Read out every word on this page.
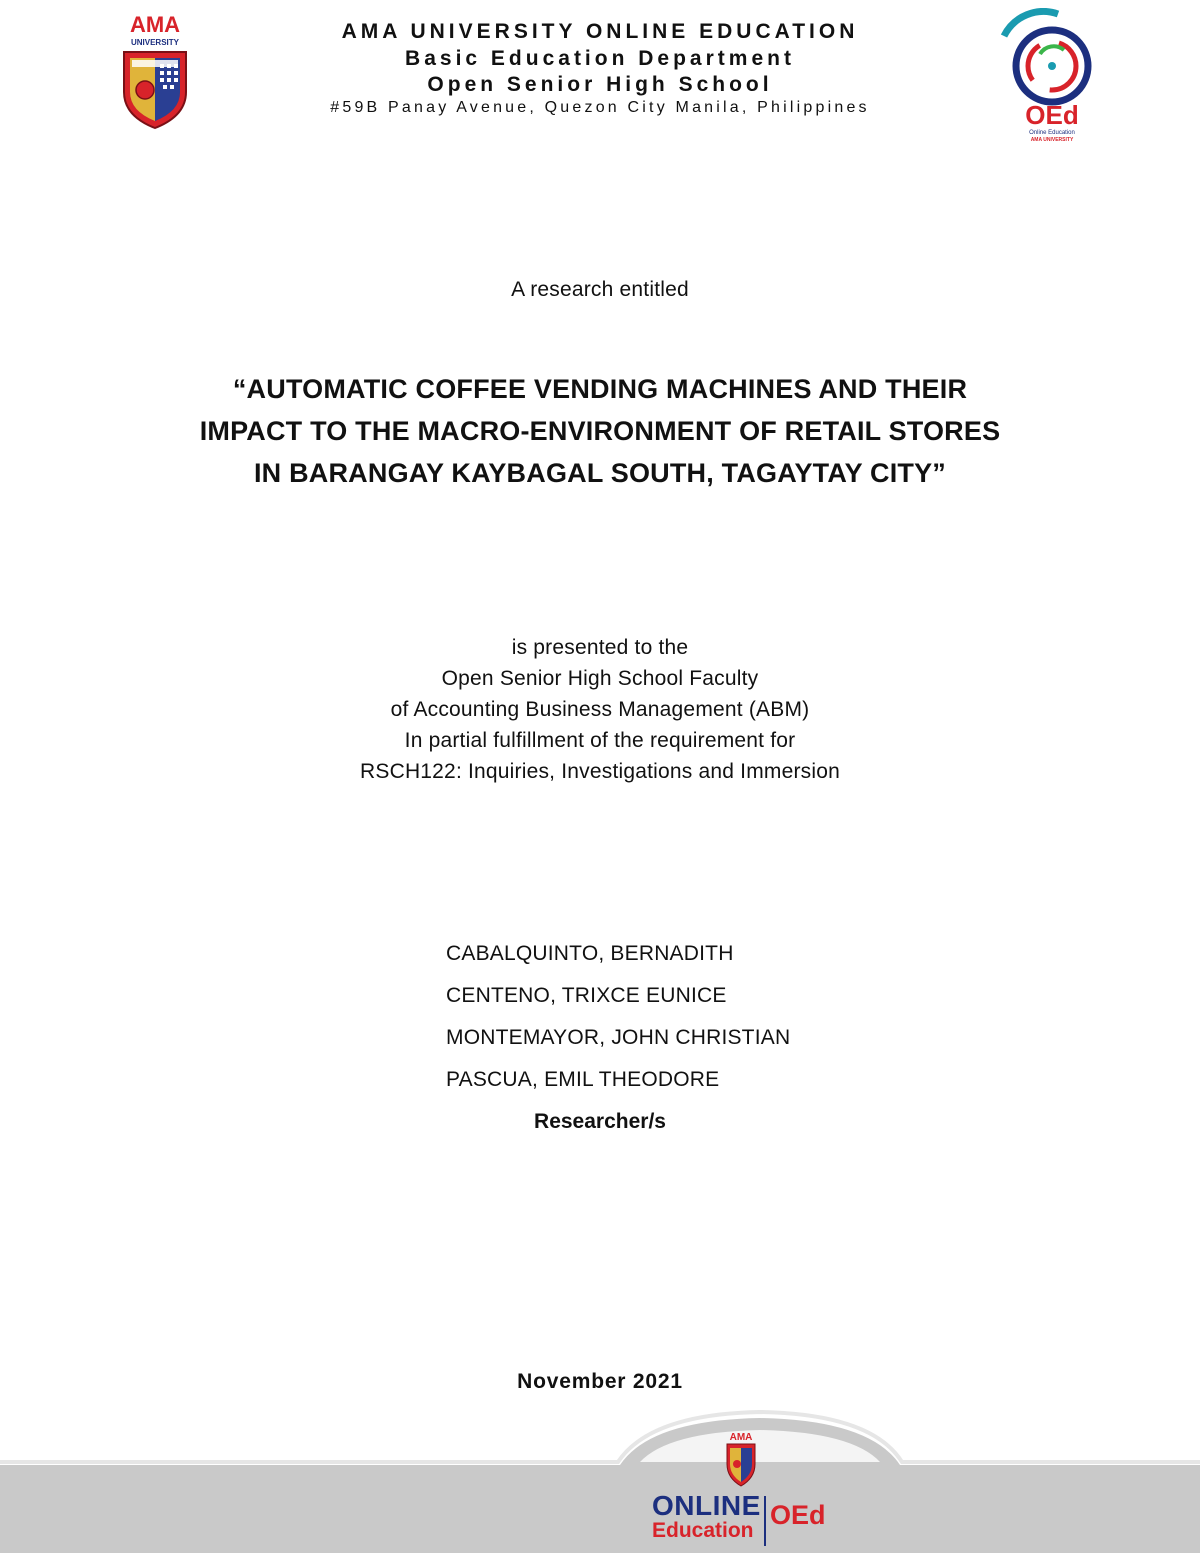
AMA
UNIVERSITY	AMA UNIVERSITY ONLINE EDUCATION
Basic Education Department
Open Senior High School
#59B Panay Avenue, Quezon City Manila, Philippines	OEd
Online Education
AMA UNIVERSITY
A research entitled
“AUTOMATIC COFFEE VENDING MACHINES AND THEIR
IMPACT TO THE MACRO-ENVIRONMENT OF RETAIL STORES
IN BARANGAY KAYBAGAL SOUTH, TAGAYTAY CITY”
is presented to the
Open Senior High School Faculty
of Accounting Business Management (ABM)
In partial fulfillment of the requirement for
RSCH122: Inquiries, Investigations and Immersion
CABALQUINTO, BERNADITH
CENTENO, TRIXCE EUNICE
MONTEMAYOR, JOHN CHRISTIAN
PASCUA, EMIL THEODORE
Researcher/s
November 2021
AMA
ONLINE
Education
OEd
